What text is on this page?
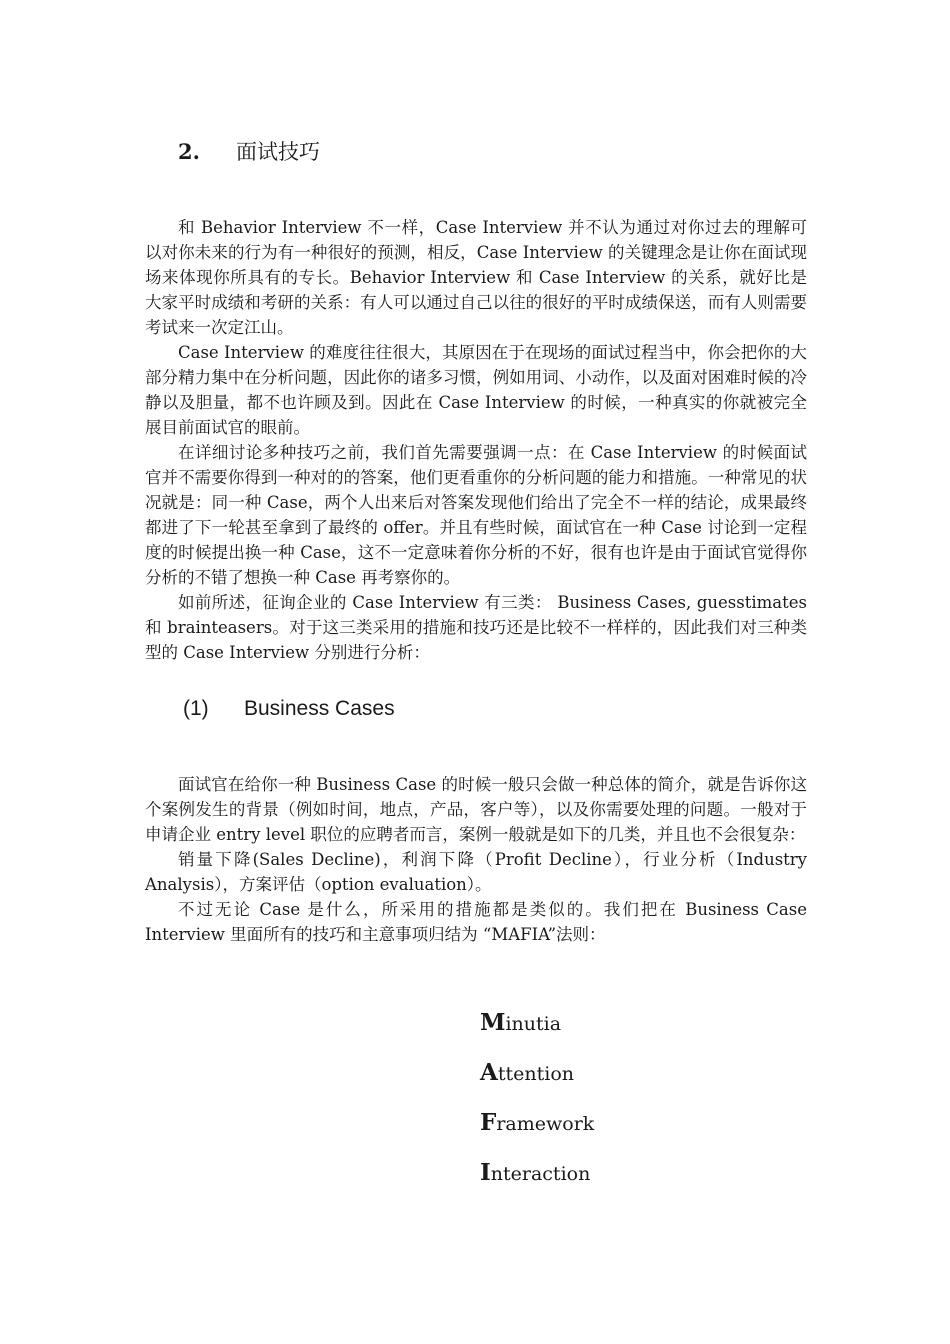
2.	面试技巧

和 Behavior Interview 不一样，Case Interview 并不认为通过对你过去的理解可以对你未来的行为有一种很好的预测，相反，Case Interview 的关键理念是让你在面试现场来体现你所具有的专长。Behavior Interview 和 Case Interview 的关系，就好比是大家平时成绩和考研的关系：有人可以通过自己以往的很好的平时成绩保送，而有人则需要考试来一次定江山。

Case Interview 的难度往往很大，其原因在于在现场的面试过程当中，你会把你的大部分精力集中在分析问题，因此你的诸多习惯，例如用词、小动作，以及面对困难时候的冷静以及胆量，都不也许顾及到。因此在 Case Interview 的时候，一种真实的你就被完全展目前面试官的眼前。

在详细讨论多种技巧之前，我们首先需要强调一点：在 Case Interview 的时候面试官并不需要你得到一种对的的答案，他们更看重你的分析问题的能力和措施。一种常见的状况就是：同一种 Case，两个人出来后对答案发现他们给出了完全不一样的结论，成果最终都进了下一轮甚至拿到了最终的 offer。并且有些时候，面试官在一种 Case 讨论到一定程度的时候提出换一种 Case，这不一定意味着你分析的不好，很有也许是由于面试官觉得你分析的不错了想换一种 Case 再考察你的。

如前所述，征询企业的 Case Interview 有三类： Business Cases, guesstimates 和 brainteasers。对于这三类采用的措施和技巧还是比较不一样样的，因此我们对三种类型的 Case Interview 分别进行分析：

(1)	Business Cases

面试官在给你一种 Business Case 的时候一般只会做一种总体的简介，就是告诉你这个案例发生的背景（例如时间，地点，产品，客户等），以及你需要处理的问题。一般对于申请企业 entry level 职位的应聘者而言，案例一般就是如下的几类，并且也不会很复杂：

销量下降(Sales Decline)，利润下降（Profit Decline），行业分析（Industry Analysis），方案评估（option evaluation）。

不过无论 Case 是什么，所采用的措施都是类似的。我们把在 Business Case Interview 里面所有的技巧和主意事项归结为 “MAFIA”法则：

Minutia
Attention
Framework
Interaction
